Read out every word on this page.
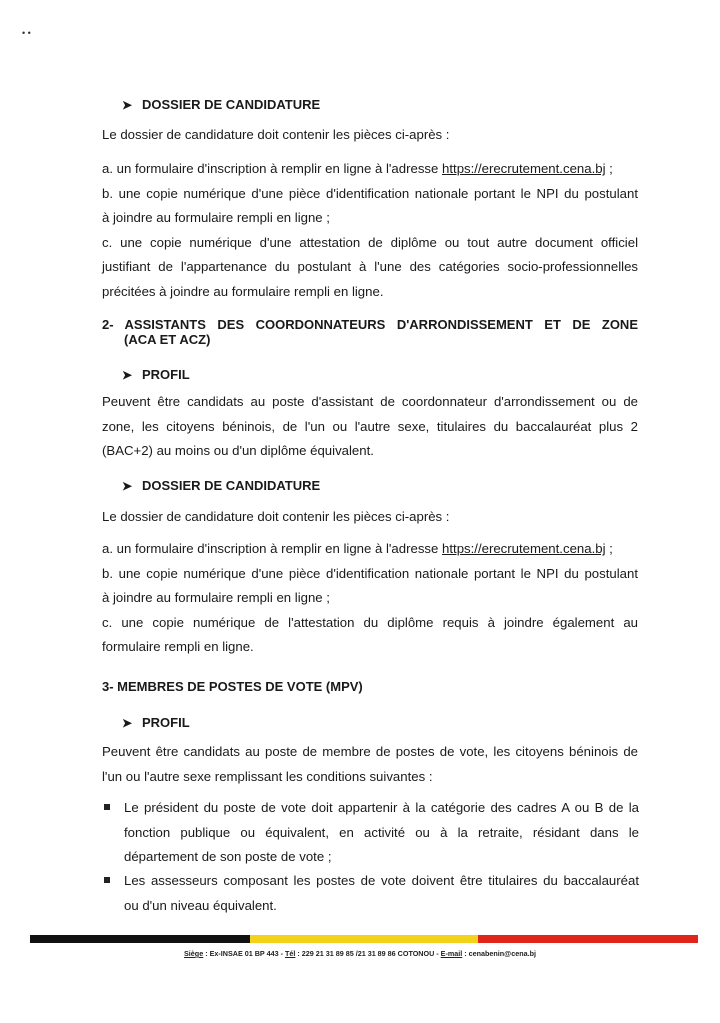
• •
➤ DOSSIER DE CANDIDATURE
Le dossier de candidature doit contenir les pièces ci-après :
a. un formulaire d'inscription à remplir en ligne à l'adresse https://erecrutement.cena.bj ;
b. une copie numérique d'une pièce d'identification nationale portant le NPI du postulant
à joindre au formulaire rempli en ligne ;
c. une copie numérique d'une attestation de diplôme ou tout autre document officiel
justifiant de l'appartenance du postulant à l'une des catégories socio-professionnelles
précitées à joindre au formulaire rempli en ligne.
2- ASSISTANTS DES COORDONNATEURS D'ARRONDISSEMENT ET DE ZONE
(ACA ET ACZ)
➤ PROFIL
Peuvent être candidats au poste d'assistant de coordonnateur d'arrondissement ou de
zone, les citoyens béninois, de l'un ou l'autre sexe, titulaires du baccalauréat plus 2
(BAC+2) au moins ou d'un diplôme équivalent.
➤ DOSSIER DE CANDIDATURE
Le dossier de candidature doit contenir les pièces ci-après :
a. un formulaire d'inscription à remplir en ligne à l'adresse https://erecrutement.cena.bj ;
b. une copie numérique d'une pièce d'identification nationale portant le NPI du postulant
à joindre au formulaire rempli en ligne ;
c. une copie numérique de l'attestation du diplôme requis à joindre également au
formulaire rempli en ligne.
3- MEMBRES DE POSTES DE VOTE (MPV)
➤ PROFIL
Peuvent être candidats au poste de membre de postes de vote, les citoyens béninois de
l'un ou l'autre sexe remplissant les conditions suivantes :
Le président du poste de vote doit appartenir à la catégorie des cadres A ou B de la
fonction publique ou équivalent, en activité ou à la retraite, résidant dans le
département de son poste de vote ;
Les assesseurs composant les postes de vote doivent être titulaires du baccalauréat
ou d'un niveau équivalent.
Siège : Ex-INSAE 01 BP 443 - Tél : 229 21 31 89 85 /21 31 89 86 COTONOU - E-mail : cenabenin@cena.bj
